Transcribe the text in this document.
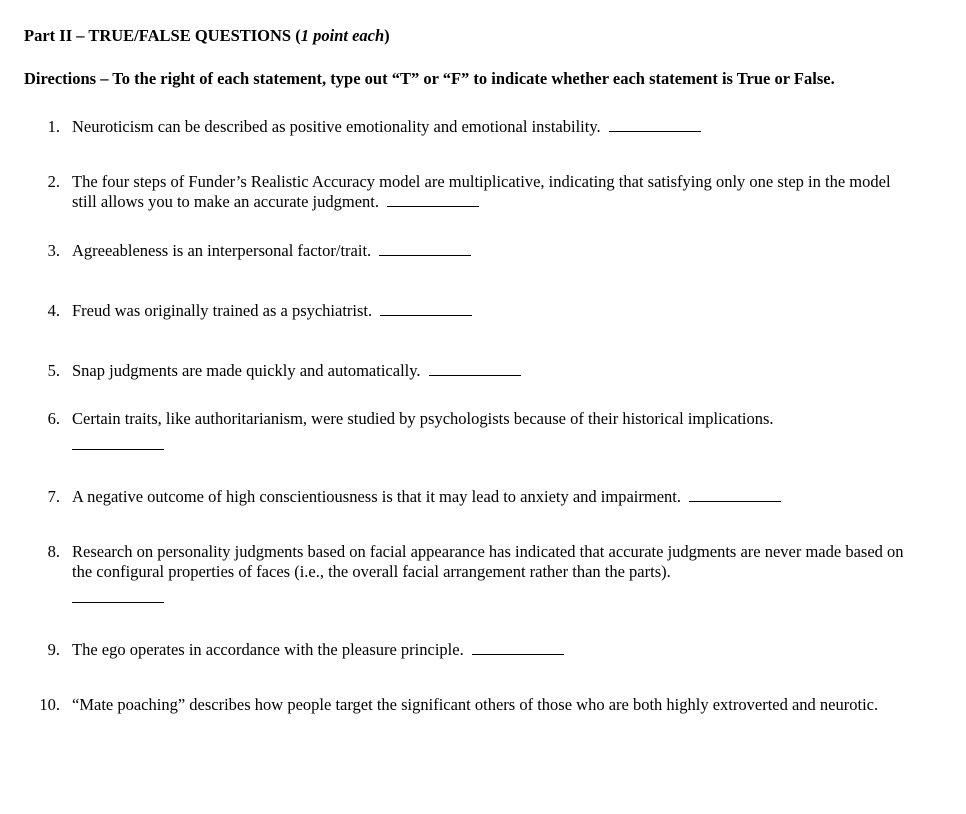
Part II – TRUE/FALSE QUESTIONS (1 point each)

Directions – To the right of each statement, type out “T” or “F” to indicate whether each statement is True or False.
1. Neuroticism can be described as positive emotionality and emotional instability.
2. The four steps of Funder’s Realistic Accuracy model are multiplicative, indicating that satisfying only one step in the model still allows you to make an accurate judgment.
3. Agreeableness is an interpersonal factor/trait.
4. Freud was originally trained as a psychiatrist.
5. Snap judgments are made quickly and automatically.
6. Certain traits, like authoritarianism, were studied by psychologists because of their historical implications.
7. A negative outcome of high conscientiousness is that it may lead to anxiety and impairment.
8. Research on personality judgments based on facial appearance has indicated that accurate judgments are never made based on the configural properties of faces (i.e., the overall facial arrangement rather than the parts).
9. The ego operates in accordance with the pleasure principle.
10. “Mate poaching” describes how people target the significant others of those who are both highly extroverted and neurotic.
